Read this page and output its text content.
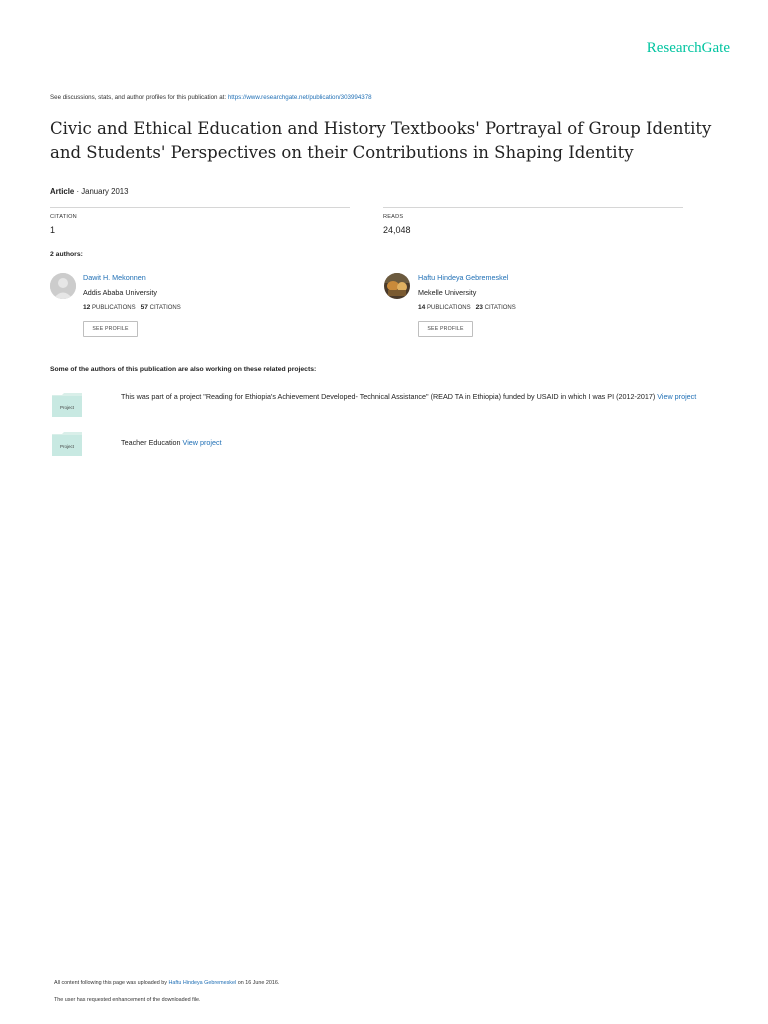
ResearchGate
See discussions, stats, and author profiles for this publication at: https://www.researchgate.net/publication/303994378
Civic and Ethical Education and History Textbooks' Portrayal of Group Identity
and Students' Perspectives on their Contributions in Shaping Identity
Article · January 2013
CITATION
1
READS
24,048
2 authors:
Dawit H. Mekonnen
Addis Ababa University
12 PUBLICATIONS 57 CITATIONS
SEE PROFILE
Haftu Hindeya Gebremeskel
Mekelle University
14 PUBLICATIONS 23 CITATIONS
SEE PROFILE
Some of the authors of this publication are also working on these related projects:
Project
This was part of a project "Reading for Ethiopia's Achievement Developed- Technical Assistance" (READ TA in Ethiopia) funded by USAID in which I was PI (2012-2017) View project
Project	Teacher Education View project
All content following this page was uploaded by Haftu Hindeya Gebremeskel on 16 June 2016.
The user has requested enhancement of the downloaded file.
